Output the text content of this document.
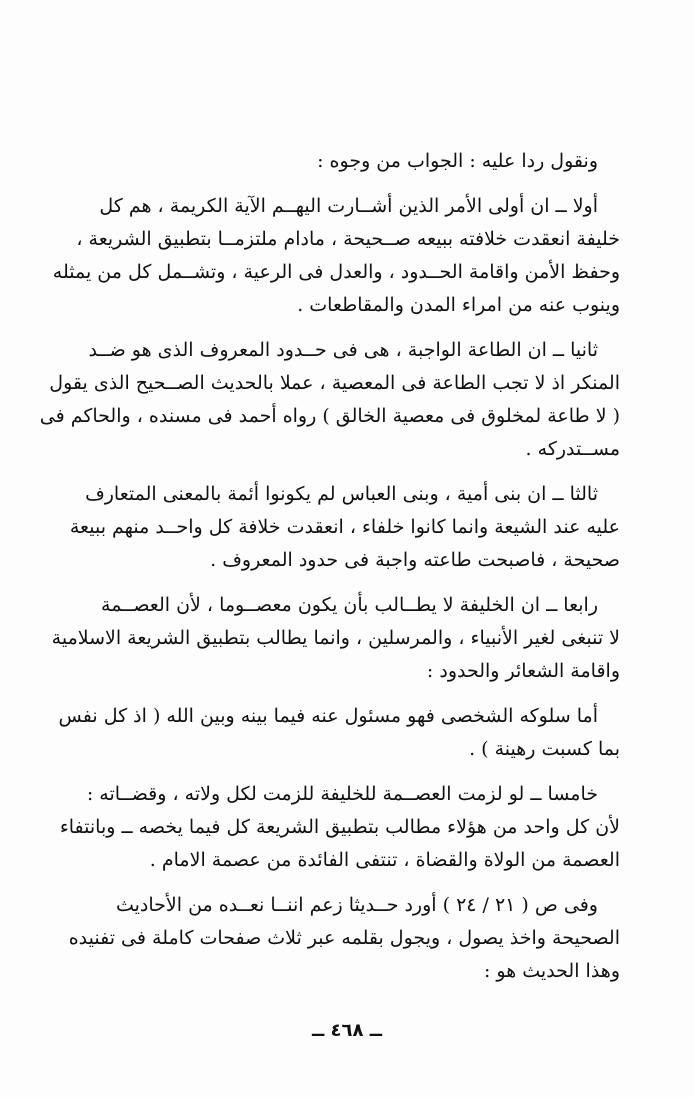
ونقول ردا عليه : الجواب من وجوه :
أولا ــ ان أولى الأمر الذين أشــارت اليهــم الآية الكريمة ، هم كل
خليفة انعقدت خلافته ببيعه صــحيحة ، مادام ملتزمــا بتطبيق الشريعة ،
وحفظ الأمن واقامة الحــدود ، والعدل فى الرعية ، وتشــمل كل من يمثله
وينوب عنه من امراء المدن والمقاطعات .
ثانيا ــ ان الطاعة الواجبة ، هى فى حــدود المعروف الذى هو ضــد
المنكر اذ لا تجب الطاعة فى المعصية ، عملا بالحديث الصــحيح الذى يقول
( لا طاعة لمخلوق فى معصية الخالق ) رواه أحمد فى مسنده ، والحاكم فى
مســتدركه .
ثالثا ــ ان بنى أمية ، وبنى العباس لم يكونوا أئمة بالمعنى المتعارف
عليه عند الشيعة وانما كانوا خلفاء ، انعقدت خلافة كل واحــد منهم ببيعة
صحيحة ، فاصبحت طاعته واجبة فى حدود المعروف .
رابعا ــ ان الخليفة لا يطــالب بأن يكون معصــوما ، لأن العصــمة
لا تنبغى لغير الأنبياء ، والمرسلين ، وانما يطالب بتطبيق الشريعة الاسلامية
واقامة الشعائر والحدود :
أما سلوكه الشخصى فهو مسئول عنه فيما بينه وبين الله ( اذ كل نفس
بما كسبت رهينة ) .
خامسا ــ لو لزمت العصــمة للخليفة للزمت لكل ولاته ، وقضــاته :
لأن كل واحد من هؤلاء مطالب بتطبيق الشريعة كل فيما يخصه ــ وبانتفاء
العصمة من الولاة والقضاة ، تنتفى الفائدة من عصمة الامام .
وفى ص ( ٢١ / ٢٤ ) أورد حــديثا زعم اننــا نعــده من الأحاديث
الصحيحة واخذ يصول ، ويجول بقلمه عبر ثلاث صفحات كاملة فى تفنيده
وهذا الحديث هو :
ــ ٤٦٨ ــ
